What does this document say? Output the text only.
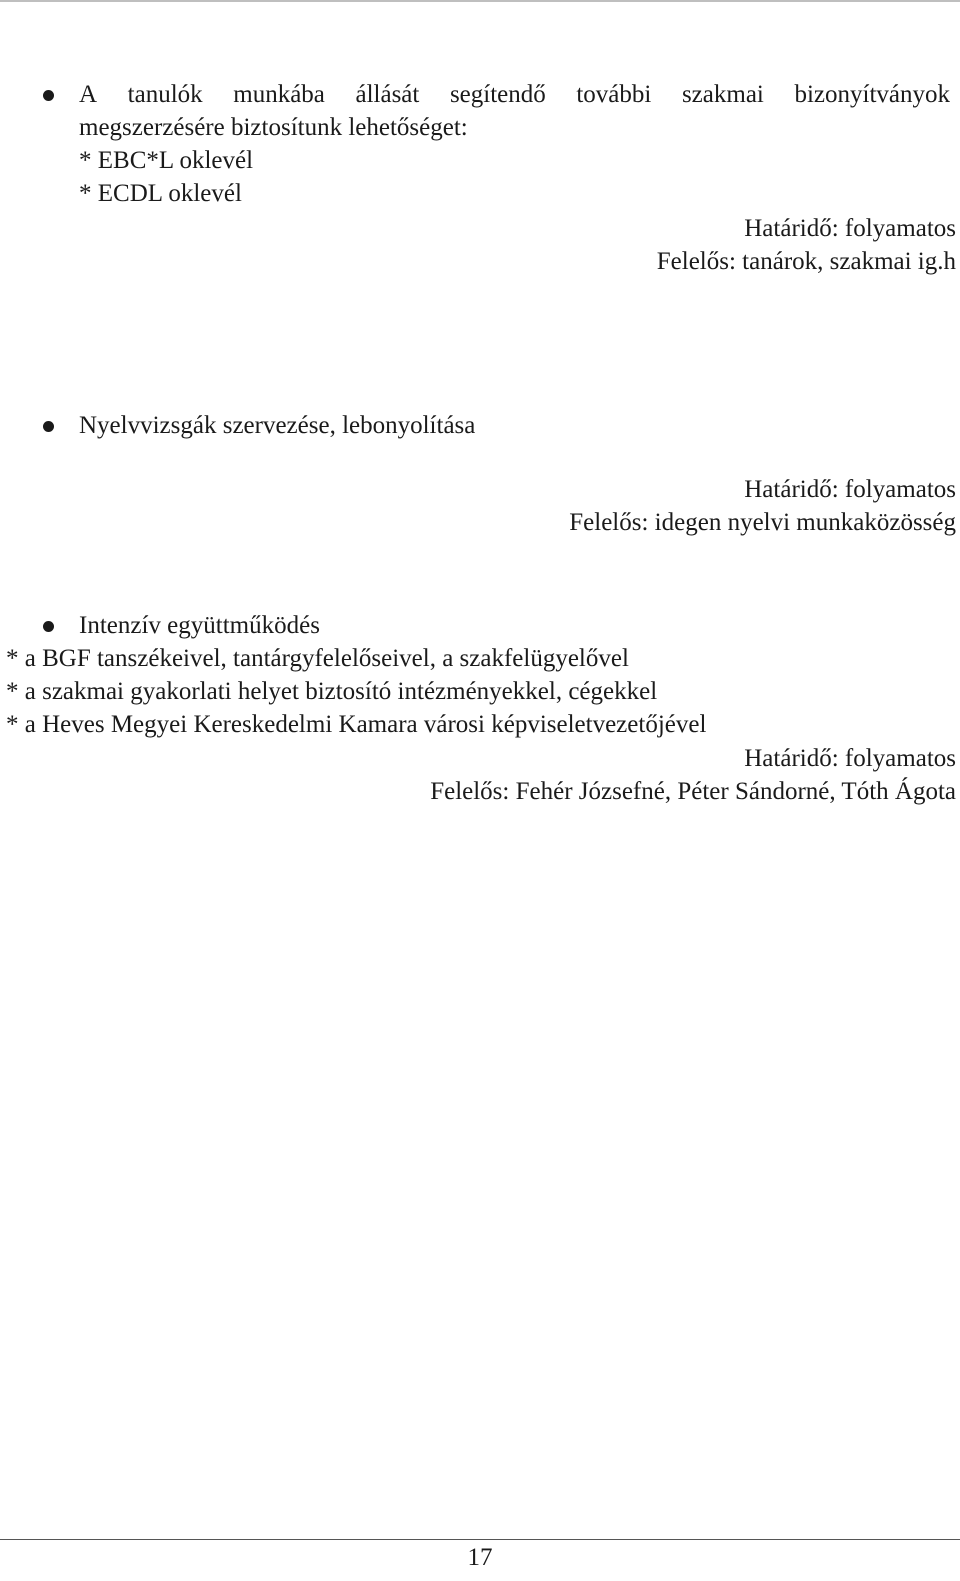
A tanulók munkába állását segítendő további szakmai bizonyítványok
megszerzésére biztosítunk lehetőséget:
* EBC*L oklevél
* ECDL oklevél
Határidő: folyamatos
Felelős: tanárok, szakmai ig.h
Nyelvvizsgák szervezése, lebonyolítása
Határidő: folyamatos
Felelős: idegen nyelvi munkaközösség
Intenzív együttműködés
* a BGF tanszékeivel, tantárgyfelelőseivel, a szakfelügyelővel
* a szakmai gyakorlati helyet biztosító intézményekkel, cégekkel
* a Heves Megyei Kereskedelmi Kamara városi képviseletvezetőjével
Határidő: folyamatos
Felelős: Fehér Józsefné, Péter Sándorné, Tóth Ágota
17
